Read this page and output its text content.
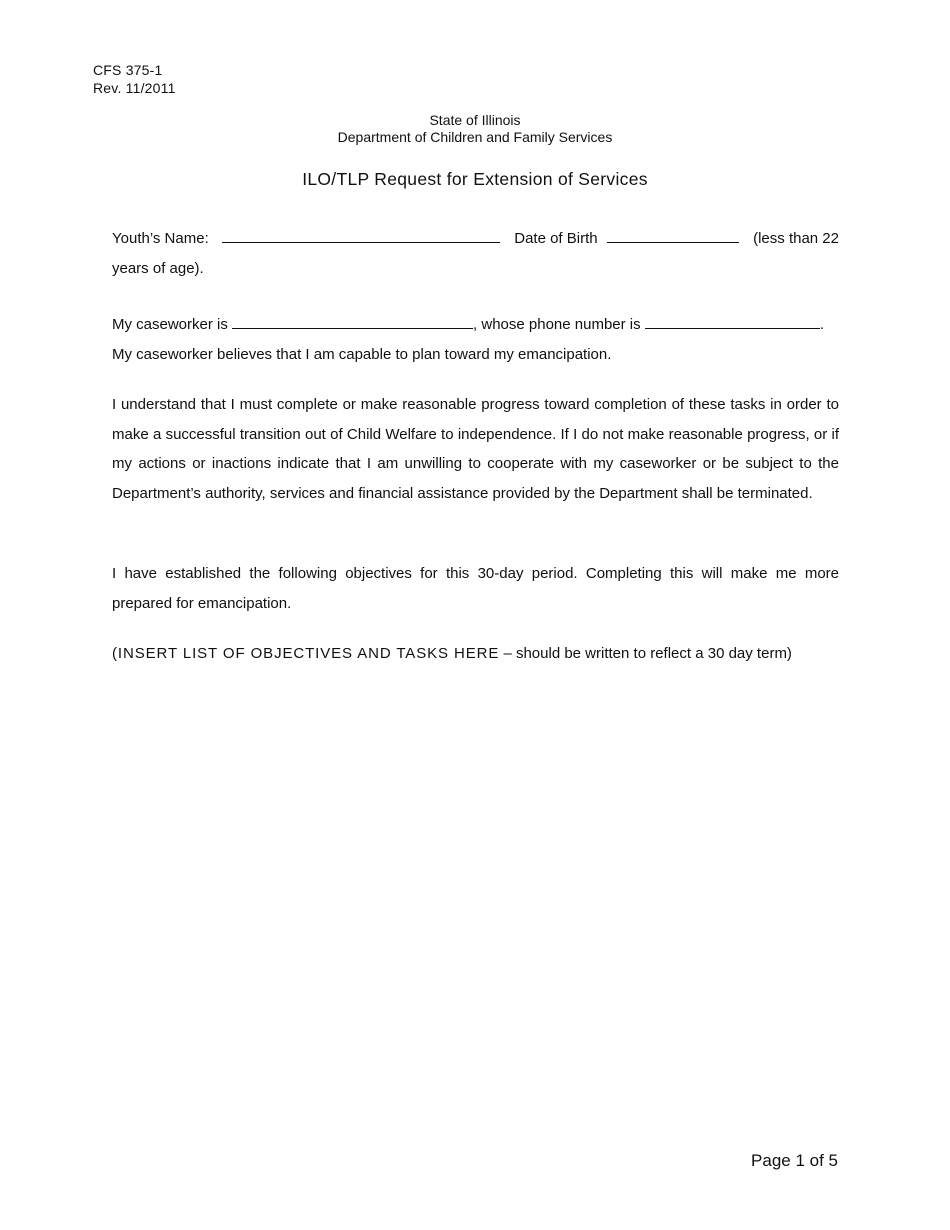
CFS 375-1
Rev. 11/2011
State of Illinois
Department of Children and Family Services
ILO/TLP Request for Extension of Services
Youth’s Name:	Date of Birth	(less than 22
years of age).
My caseworker is	, whose phone number is	.
My caseworker believes that I am capable to plan toward my emancipation.
I understand that I must complete or make reasonable progress toward completion of these tasks in order to make a successful transition out of Child Welfare to independence. If I do not make reasonable progress, or if my actions or inactions indicate that I am unwilling to cooperate with my caseworker or be subject to the Department’s authority, services and financial assistance provided by the Department shall be terminated.
I have established the following objectives for this 30-day period. Completing this will make me more prepared for emancipation.
(INSERT LIST OF OBJECTIVES AND TASKS HERE – should be written to reflect a 30 day term)
Page 1 of 5
